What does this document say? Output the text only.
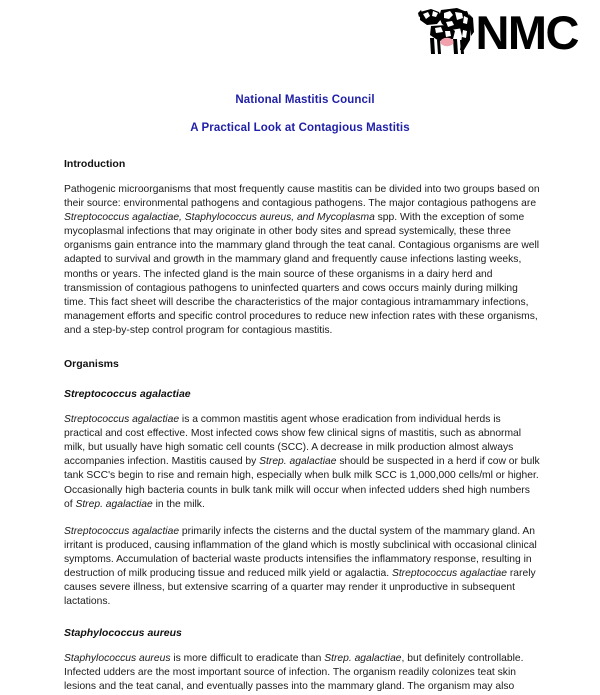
NMC
National Mastitis Council
A Practical Look at Contagious Mastitis
Introduction

Pathogenic microorganisms that most frequently cause mastitis can be divided into two groups based on their source: environmental pathogens and contagious pathogens. The major contagious pathogens are Streptococcus agalactiae, Staphylococcus aureus, and Mycoplasma spp. With the exception of some mycoplasmal infections that may originate in other body sites and spread systemically, these three organisms gain entrance into the mammary gland through the teat canal. Contagious organisms are well adapted to survival and growth in the mammary gland and frequently cause infections lasting weeks, months or years. The infected gland is the main source of these organisms in a dairy herd and transmission of contagious pathogens to uninfected quarters and cows occurs mainly during milking time. This fact sheet will describe the characteristics of the major contagious intramammary infections, management efforts and specific control procedures to reduce new infection rates with these organisms, and a step-by-step control program for contagious mastitis.

Organisms
Streptococcus agalactiae

Streptococcus agalactiae is a common mastitis agent whose eradication from individual herds is practical and cost effective. Most infected cows show few clinical signs of mastitis, such as abnormal milk, but usually have high somatic cell counts (SCC). A decrease in milk production almost always accompanies infection. Mastitis caused by Strep. agalactiae should be suspected in a herd if cow or bulk tank SCC's begin to rise and remain high, especially when bulk milk SCC is 1,000,000 cells/ml or higher. Occasionally high bacteria counts in bulk tank milk will occur when infected udders shed high numbers of Strep. agalactiae in the milk.

Streptococcus agalactiae primarily infects the cisterns and the ductal system of the mammary gland. An irritant is produced, causing inflammation of the gland which is mostly subclinical with occasional clinical symptoms. Accumulation of bacterial waste products intensifies the inflammatory response, resulting in destruction of milk producing tissue and reduced milk yield or agalactia. Streptococcus agalactiae rarely causes severe illness, but extensive scarring of a quarter may render it unproductive in subsequent lactations.

Staphylococcus aureus

Staphylococcus aureus is more difficult to eradicate than Strep. agalactiae, but definitely controllable. Infected udders are the most important source of infection. The organism readily colonizes teat skin lesions and the teat canal, and eventually passes into the mammary gland. The organism may also
